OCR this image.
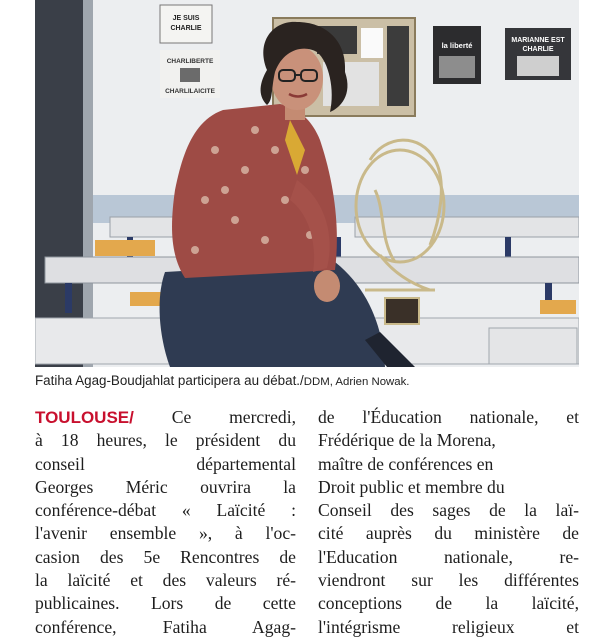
JE SUIS
CHARLIE
CHARLIBERTE
CHARLILAICITE
la liberté
MARIANNE EST
CHARLIE
Fatiha Agag-Boudjahlat participera au débat./DDM, Adrien Nowak.
TOULOUSE/ Ce mercredi,
à 18 heures, le président du
conseil départemental
Georges Méric ouvrira la
conférence-débat « Laïcité :
l'avenir ensemble », à l'oc-
casion des 5e Rencontres de
la laïcité et des valeurs ré-
publicaines. Lors de cette
conférence, Fatiha Agag-
de l'Éducation nationale, et
Frédérique de la Morena,
maître de conférences en
Droit public et membre du
Conseil des sages de la laï-
cité auprès du ministère de
l'Education nationale, re-
viendront sur les différentes
conceptions de la laïcité,
l'intégrisme religieux et
